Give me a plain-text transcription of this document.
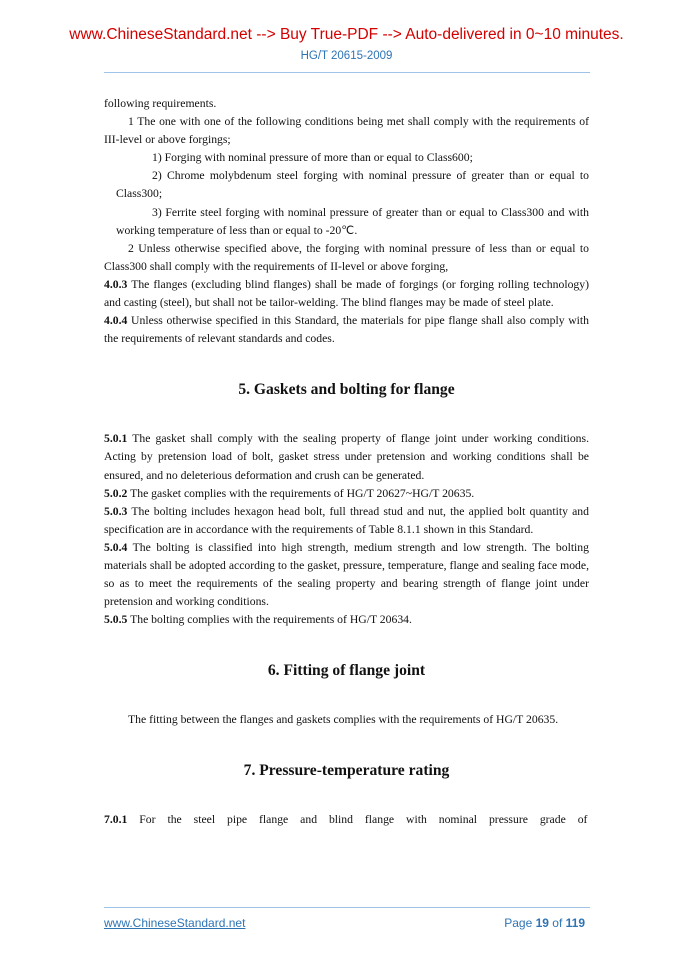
www.ChineseStandard.net --> Buy True-PDF --> Auto-delivered in 0~10 minutes.
HG/T 20615-2009

following requirements.

1 The one with one of the following conditions being met shall comply with the requirements of III-level or above forgings;

1) Forging with nominal pressure of more than or equal to Class600;

2) Chrome molybdenum steel forging with nominal pressure of greater than or equal to Class300;

3) Ferrite steel forging with nominal pressure of greater than or equal to Class300 and with working temperature of less than or equal to -20℃.

2 Unless otherwise specified above, the forging with nominal pressure of less than or equal to Class300 shall comply with the requirements of II-level or above forging,

4.0.3 The flanges (excluding blind flanges) shall be made of forgings (or forging rolling technology) and casting (steel), but shall not be tailor-welding. The blind flanges may be made of steel plate.

4.0.4 Unless otherwise specified in this Standard, the materials for pipe flange shall also comply with the requirements of relevant standards and codes.

5. Gaskets and bolting for flange

5.0.1 The gasket shall comply with the sealing property of flange joint under working conditions. Acting by pretension load of bolt, gasket stress under pretension and working conditions shall be ensured, and no deleterious deformation and crush can be generated.

5.0.2 The gasket complies with the requirements of HG/T 20627~HG/T 20635.

5.0.3 The bolting includes hexagon head bolt, full thread stud and nut, the applied bolt quantity and specification are in accordance with the requirements of Table 8.1.1 shown in this Standard.

5.0.4 The bolting is classified into high strength, medium strength and low strength. The bolting materials shall be adopted according to the gasket, pressure, temperature, flange and sealing face mode, so as to meet the requirements of the sealing property and bearing strength of flange joint under pretension and working conditions.

5.0.5 The bolting complies with the requirements of HG/T 20634.

6. Fitting of flange joint

The fitting between the flanges and gaskets complies with the requirements of HG/T 20635.

7. Pressure-temperature rating

7.0.1 For the steel pipe flange and blind flange with nominal pressure grade of

www.ChineseStandard.net	Page 19 of 119
